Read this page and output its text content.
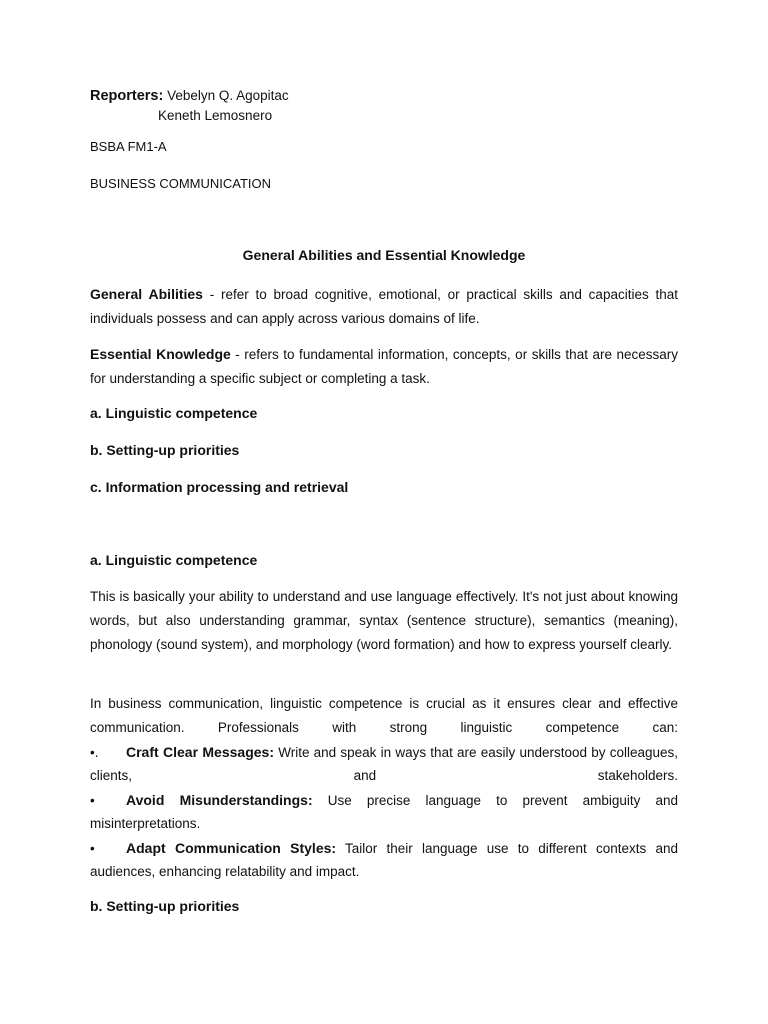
Reporters: Vebelyn Q. Agopitac
Keneth Lemosnero
BSBA FM1-A
BUSINESS COMMUNICATION
General Abilities and Essential Knowledge
General Abilities - refer to broad cognitive, emotional, or practical skills and capacities that individuals possess and can apply across various domains of life.
Essential Knowledge - refers to fundamental information, concepts, or skills that are necessary for understanding a specific subject or completing a task.
a. Linguistic competence
b. Setting-up priorities
c. Information processing and retrieval
a. Linguistic competence
This is basically your ability to understand and use language effectively. It's not just about knowing words, but also understanding grammar, syntax (sentence structure), semantics (meaning), phonology (sound system), and morphology (word formation) and how to express yourself clearly.
In business communication, linguistic competence is crucial as it ensures clear and effective
communication. Professionals with strong linguistic competence can:
•. Craft Clear Messages: Write and speak in ways that are easily understood by colleagues,
clients, and stakeholders.
• Avoid Misunderstandings: Use precise language to prevent ambiguity and
misinterpretations.
• Adapt Communication Styles: Tailor their language use to different contexts and
audiences, enhancing relatability and impact.
b. Setting-up priorities
